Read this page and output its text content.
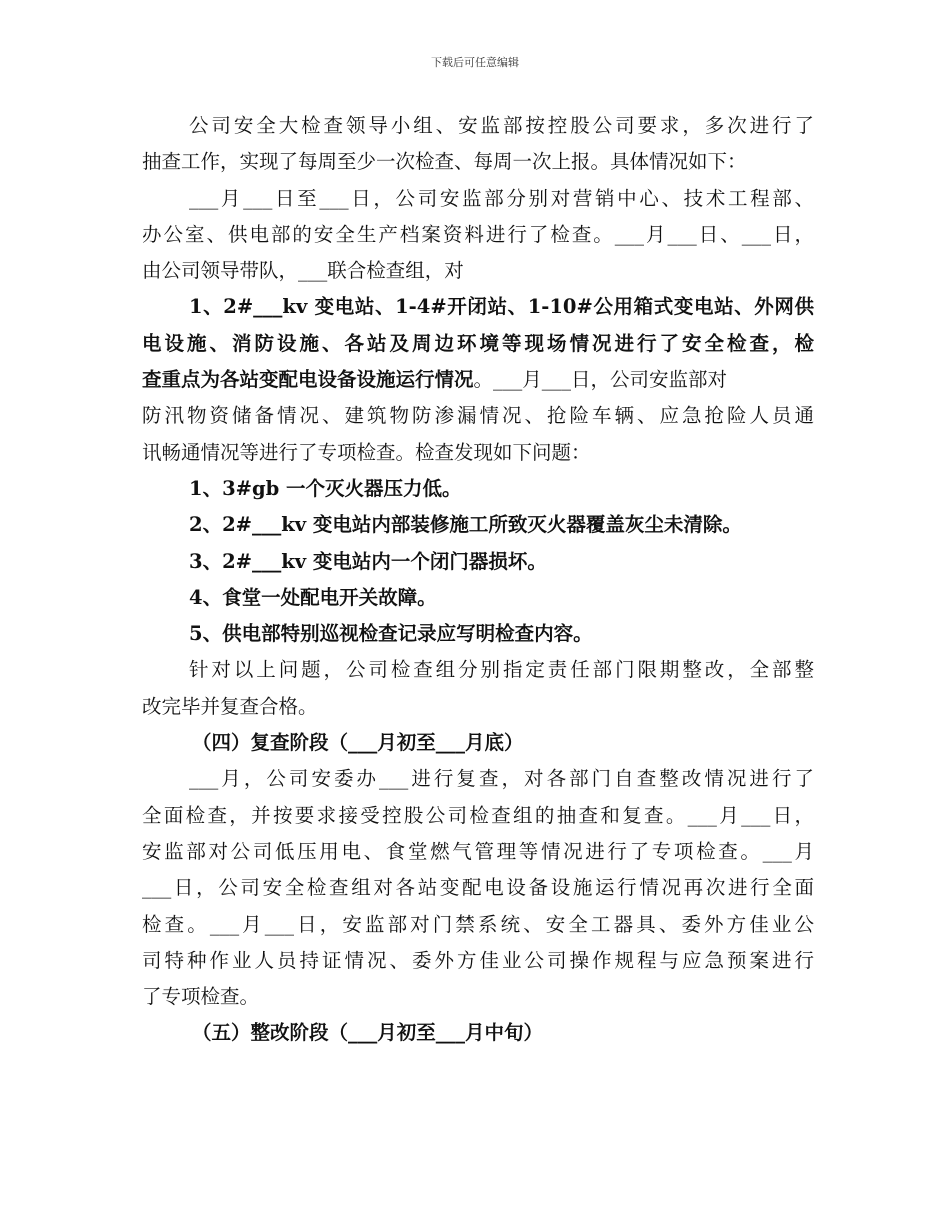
下载后可任意编辑
公司安全大检查领导小组、安监部按控股公司要求，多次进行了
抽查工作，实现了每周至少一次检查、每周一次上报。具体情况如下：
___月___日至___日，公司安监部分别对营销中心、技术工程部、
办公室、供电部的安全生产档案资料进行了检查。___月___日、___日，
由公司领导带队，___联合检查组，对
1、2#___kv 变电站、1-4#开闭站、1-10#公用箱式变电站、外网供
电设施、消防设施、各站及周边环境等现场情况进行了安全检查，检
查重点为各站变配电设备设施运行情况。___月___日，公司安监部对
防汛物资储备情况、建筑物防渗漏情况、抢险车辆、应急抢险人员通
讯畅通情况等进行了专项检查。检查发现如下问题：
1、3#gb 一个灭火器压力低。
2、2#___kv 变电站内部装修施工所致灭火器覆盖灰尘未清除。
3、2#___kv 变电站内一个闭门器损坏。
4、食堂一处配电开关故障。
5、供电部特别巡视检查记录应写明检查内容。
针对以上问题，公司检查组分别指定责任部门限期整改，全部整
改完毕并复查合格。
（四）复查阶段（___月初至___月底）
___月，公司安委办___进行复查，对各部门自查整改情况进行了
全面检查，并按要求接受控股公司检查组的抽查和复查。___月___日，
安监部对公司低压用电、食堂燃气管理等情况进行了专项检查。___月
___日，公司安全检查组对各站变配电设备设施运行情况再次进行全面
检查。___月___日，安监部对门禁系统、安全工器具、委外方佳业公
司特种作业人员持证情况、委外方佳业公司操作规程与应急预案进行
了专项检查。
（五）整改阶段（___月初至___月中旬）
